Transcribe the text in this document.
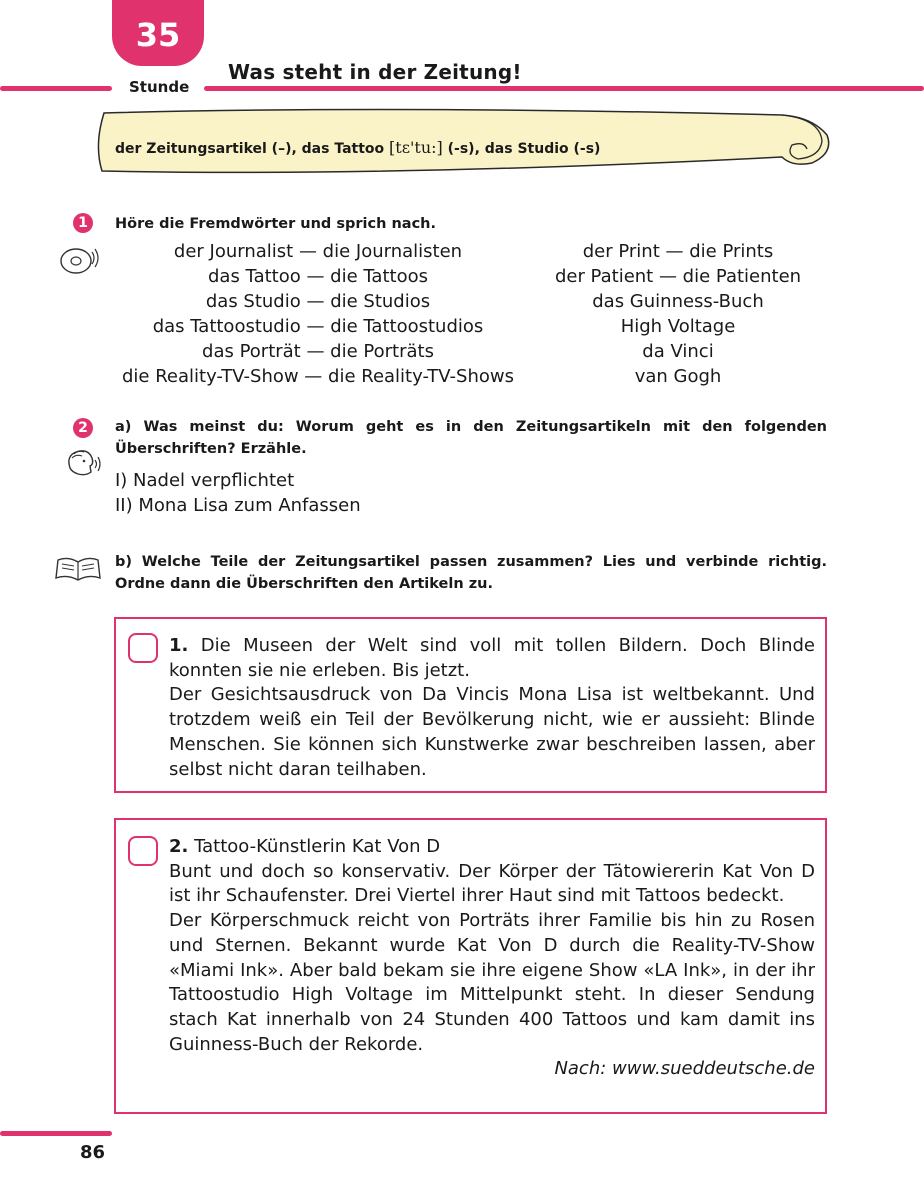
35
Stunde
Was steht in der Zeitung!
der Zeitungsartikel (–), das Tattoo [tɛ'tu:] (-s), das Studio (-s)
1	Höre die Fremdwörter und sprich nach.
der Journalist — die Journalisten
das Tattoo — die Tattoos
das Studio — die Studios
das Tattoostudio — die Tattoostudios
das Porträt — die Porträts
die Reality-TV-Show — die Reality-TV-Shows
der Print — die Prints
der Patient — die Patienten
das Guinness-Buch
High Voltage
da Vinci
van Gogh
2	a) Was meinst du: Worum geht es in den Zeitungsartikeln mit den folgenden Überschriften? Erzähle.
I) Nadel verpflichtet
II) Mona Lisa zum Anfassen
b) Welche Teile der Zeitungsartikel passen zusammen? Lies und verbinde richtig. Ordne dann die Überschriften den Artikeln zu.

1. Die Museen der Welt sind voll mit tollen Bildern. Doch Blinde konnten sie nie erleben. Bis jetzt.

Der Gesichtsausdruck von Da Vincis Mona Lisa ist weltbekannt. Und trotzdem weiß ein Teil der Bevölkerung nicht, wie er aussieht: Blinde Menschen. Sie können sich Kunstwerke zwar beschreiben lassen, aber selbst nicht daran teilhaben.

2. Tattoo-Künstlerin Kat Von D

Bunt und doch so konservativ. Der Körper der Tätowiererin Kat Von D ist ihr Schaufenster. Drei Viertel ihrer Haut sind mit Tattoos bedeckt.

Der Körperschmuck reicht von Porträts ihrer Familie bis hin zu Rosen und Sternen. Bekannt wurde Kat Von D durch die Reality-TV-Show «Miami Ink». Aber bald bekam sie ihre eigene Show «LA Ink», in der ihr Tattoostudio High Voltage im Mittelpunkt steht. In dieser Sendung stach Kat innerhalb von 24 Stunden 400 Tattoos und kam damit ins Guinness-Buch der Rekorde.

Nach: www.sueddeutsche.de

86
